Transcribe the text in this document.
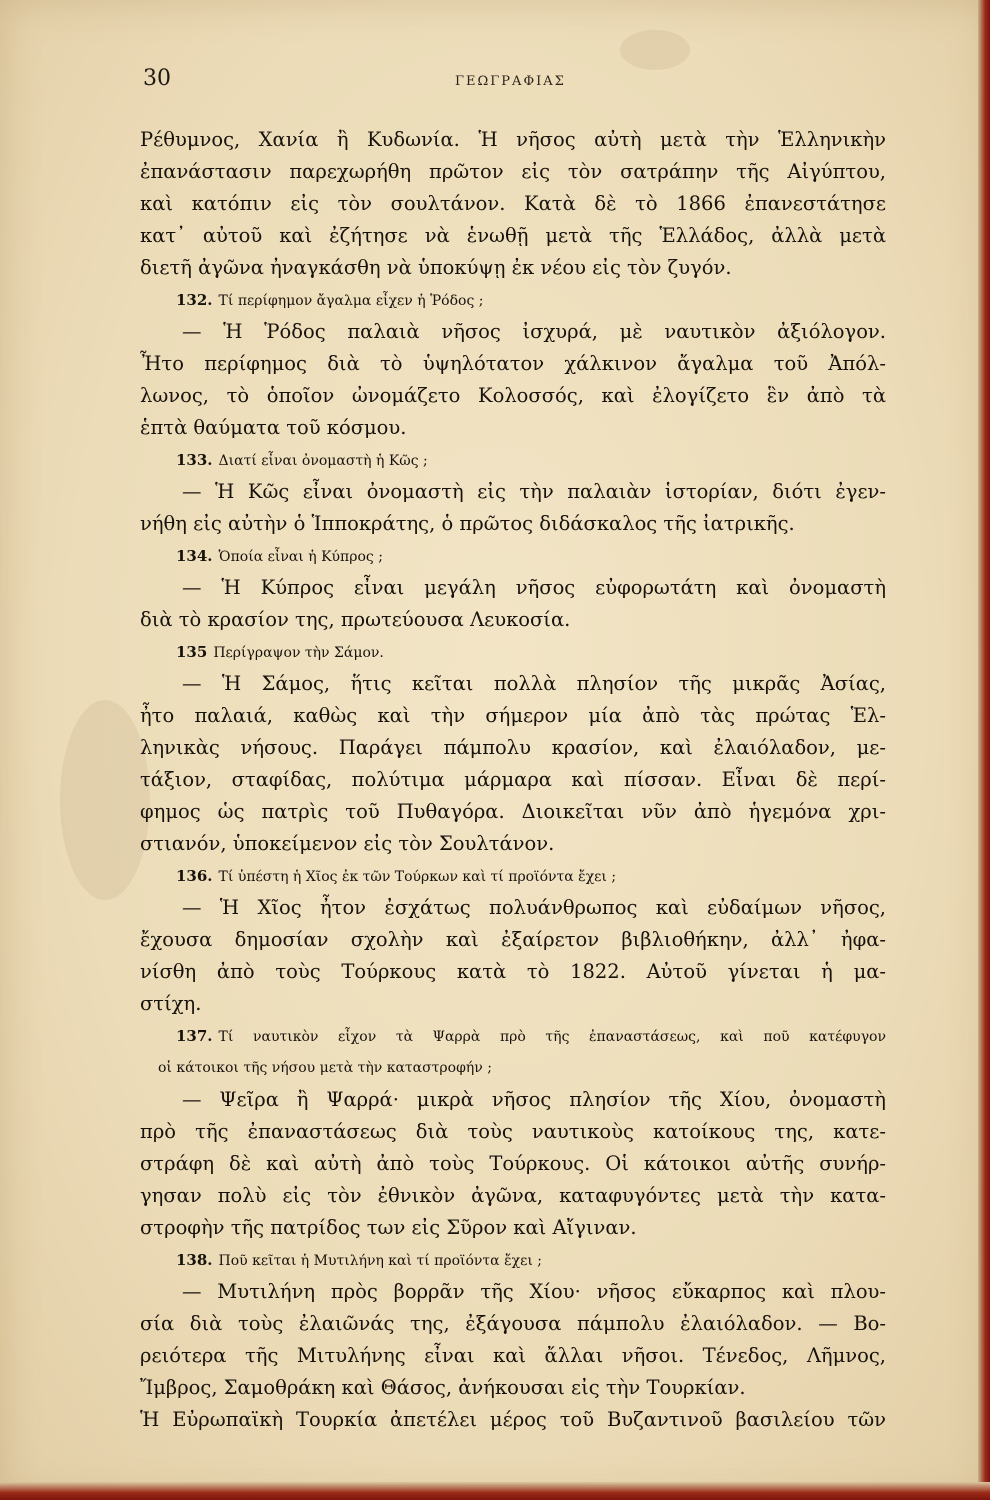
30	ΓΕΩΓΡΑΦΙΑΣ
Ρέθυμνος, Χανία ἢ Κυδωνία. Ἡ νῆσος αὐτὴ μετὰ τὴν Ἑλληνικὴν
ἐπανάστασιν παρεχωρήθη πρῶτον εἰς τὸν σατράπην τῆς Αἰγύπτου,
καὶ κατόπιν εἰς τὸν σουλτάνον. Κατὰ δὲ τὸ 1866 ἐπανεστάτησε
κατ᾽ αὐτοῦ καὶ ἐζήτησε νὰ ἑνωθῇ μετὰ τῆς Ἑλλάδος, ἀλλὰ μετὰ
διετῆ ἀγῶνα ἠναγκάσθη νὰ ὑποκύψῃ ἐκ νέου εἰς τὸν ζυγόν.
132. Τί περίφημον ἄγαλμα εἶχεν ἡ Ῥόδος ;
— Ἡ Ῥόδος παλαιὰ νῆσος ἰσχυρά, μὲ ναυτικὸν ἀξιόλογον.
Ἦτο περίφημος διὰ τὸ ὑψηλότατον χάλκινον ἄγαλμα τοῦ Ἀπόλ-
λωνος, τὸ ὁποῖον ὠνομάζετο Κολοσσός, καὶ ἐλογίζετο ἓν ἀπὸ τὰ
ἑπτὰ θαύματα τοῦ κόσμου.
133. Διατί εἶναι ὀνομαστὴ ἡ Κῶς ;
— Ἡ Κῶς εἶναι ὀνομαστὴ εἰς τὴν παλαιὰν ἱστορίαν, διότι ἐγεν-
νήθη εἰς αὐτὴν ὁ Ἱπποκράτης, ὁ πρῶτος διδάσκαλος τῆς ἰατρικῆς.
134. Ὁποία εἶναι ἡ Κύπρος ;
— Ἡ Κύπρος εἶναι μεγάλη νῆσος εὐφορωτάτη καὶ ὀνομαστὴ
διὰ τὸ κρασίον της, πρωτεύουσα Λευκοσία.
135 Περίγραψον τὴν Σάμον.
— Ἡ Σάμος, ἥτις κεῖται πολλὰ πλησίον τῆς μικρᾶς Ἀσίας,
ἦτο παλαιά, καθὼς καὶ τὴν σήμερον μία ἀπὸ τὰς πρώτας Ἑλ-
ληνικὰς νήσους. Παράγει πάμπολυ κρασίον, καὶ ἐλαιόλαδον, με-
τάξιον, σταφίδας, πολύτιμα μάρμαρα καὶ πίσσαν. Εἶναι δὲ περί-
φημος ὡς πατρὶς τοῦ Πυθαγόρα. Διοικεῖται νῦν ἀπὸ ἡγεμόνα χρι-
στιανόν, ὑποκείμενον εἰς τὸν Σουλτάνον.
136. Τί ὑπέστη ἡ Χῖος ἐκ τῶν Τούρκων καὶ τί προϊόντα ἔχει ;
— Ἡ Χῖος ἦτον ἐσχάτως πολυάνθρωπος καὶ εὐδαίμων νῆσος,
ἔχουσα δημοσίαν σχολὴν καὶ ἐξαίρετον βιβλιοθήκην, ἀλλ᾽ ἠφα-
νίσθη ἀπὸ τοὺς Τούρκους κατὰ τὸ 1822. Αὐτοῦ γίνεται ἡ μα-
στίχη.
137. Τί ναυτικὸν εἶχον τὰ Ψαρρὰ πρὸ τῆς ἐπαναστάσεως, καὶ ποῦ κατέφυγον
οἱ κάτοικοι τῆς νήσου μετὰ τὴν καταστροφήν ;
— Ψεῖρα ἢ Ψαρρά· μικρὰ νῆσος πλησίον τῆς Χίου, ὀνομαστὴ
πρὸ τῆς ἐπαναστάσεως διὰ τοὺς ναυτικοὺς κατοίκους της, κατε-
στράφη δὲ καὶ αὐτὴ ἀπὸ τοὺς Τούρκους. Οἱ κάτοικοι αὐτῆς συνήρ-
γησαν πολὺ εἰς τὸν ἐθνικὸν ἀγῶνα, καταφυγόντες μετὰ τὴν κατα-
στροφὴν τῆς πατρίδος των εἰς Σῦρον καὶ Αἴγιναν.
138. Ποῦ κεῖται ἡ Μυτιλήνη καὶ τί προϊόντα ἔχει ;
— Μυτιλήνη πρὸς βορρᾶν τῆς Χίου· νῆσος εὔκαρπος καὶ πλου-
σία διὰ τοὺς ἐλαιῶνάς της, ἐξάγουσα πάμπολυ ἐλαιόλαδον. — Βο-
ρειότερα τῆς Μιτυλήνης εἶναι καὶ ἄλλαι νῆσοι. Τένεδος, Λῆμνος,
Ἴμβρος, Σαμοθράκη καὶ Θάσος, ἀνήκουσαι εἰς τὴν Τουρκίαν.
Ἡ Εὐρωπαϊκὴ Τουρκία ἀπετέλει μέρος τοῦ Βυζαντινοῦ βασιλείου τῶν
